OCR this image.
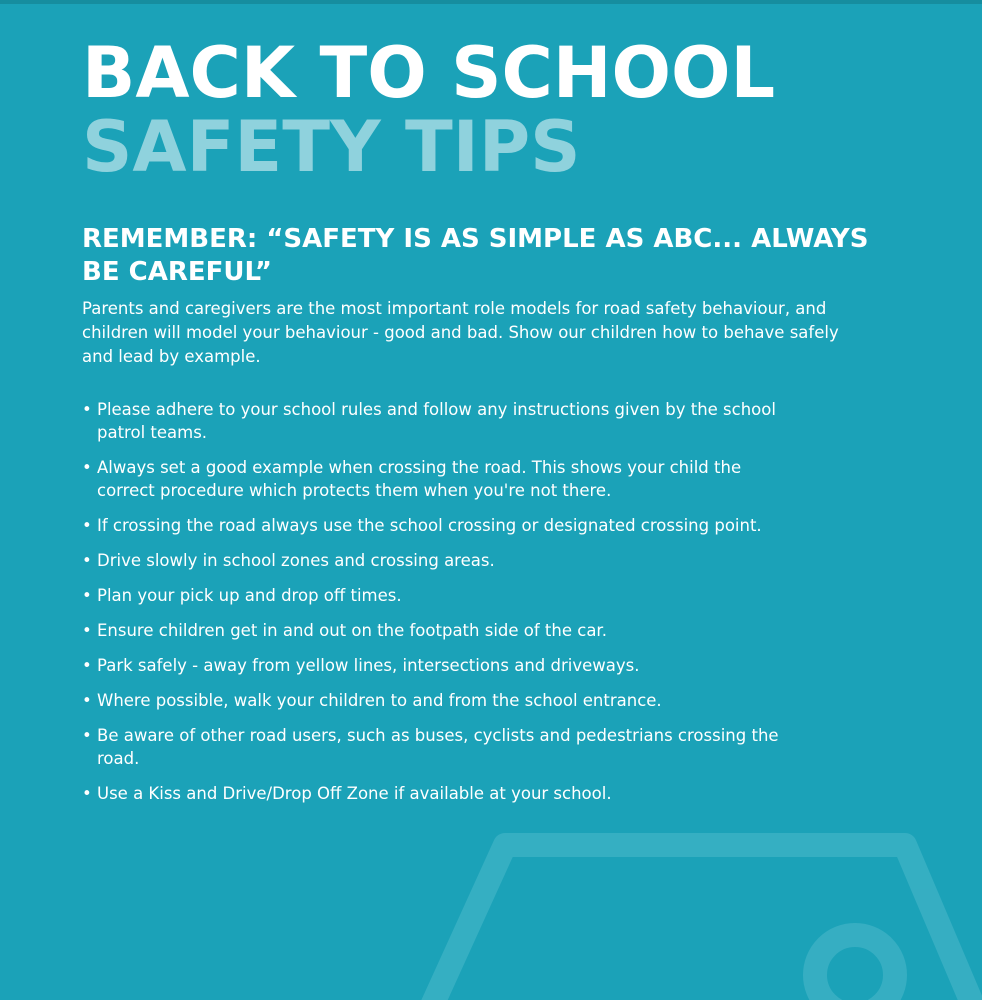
BACK TO SCHOOL
SAFETY TIPS
REMEMBER: “SAFETY IS AS SIMPLE AS ABC... ALWAYS BE CAREFUL”

Parents and caregivers are the most important role models for road safety behaviour, and children will model your behaviour - good and bad. Show our children how to behave safely and lead by example.

• Please adhere to your school rules and follow any instructions given by the school patrol teams.
• Always set a good example when crossing the road. This shows your child the correct procedure which protects them when you're not there.
• If crossing the road always use the school crossing or designated crossing point.
• Drive slowly in school zones and crossing areas.
• Plan your pick up and drop off times.
• Ensure children get in and out on the footpath side of the car.
• Park safely - away from yellow lines, intersections and driveways.
• Where possible, walk your children to and from the school entrance.
• Be aware of other road users, such as buses, cyclists and pedestrians crossing the road.
• Use a Kiss and Drive/Drop Off Zone if available at your school.
